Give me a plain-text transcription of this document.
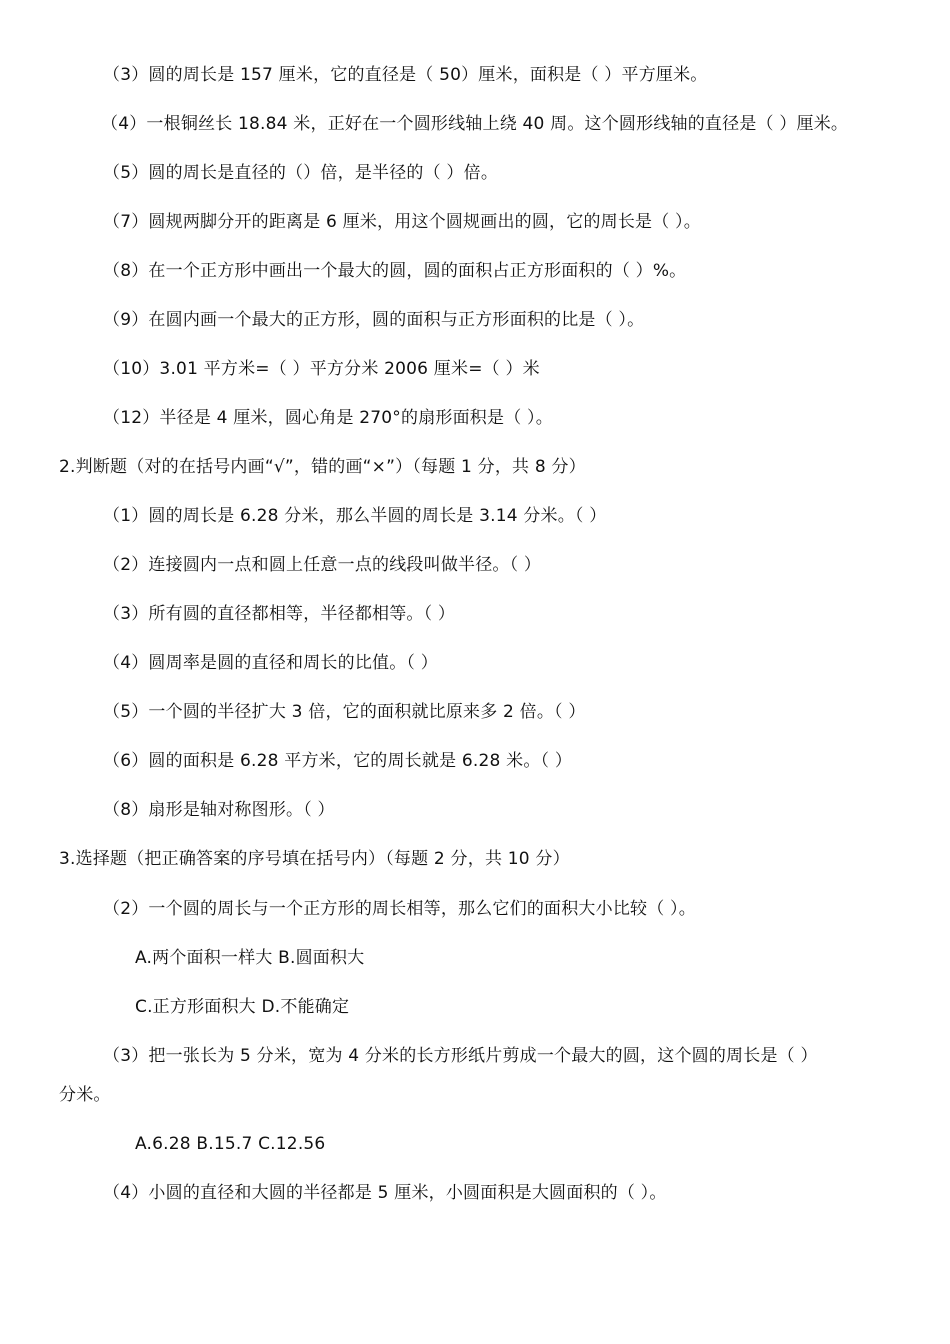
（3）圆的周长是 157 厘米，它的直径是（ 50）厘米，面积是（ ）平方厘米。
（4）一根铜丝长 18.84 米，正好在一个圆形线轴上绕 40 周。这个圆形线轴的直径是（ ）厘米。
（5）圆的周长是直径的（）倍，是半径的（ ）倍。
（7）圆规两脚分开的距离是 6 厘米，用这个圆规画出的圆，它的周长是（ ）。
（8）在一个正方形中画出一个最大的圆，圆的面积占正方形面积的（ ）%。
（9）在圆内画一个最大的正方形，圆的面积与正方形面积的比是（ ）。
（10）3.01 平方米=（ ）平方分米 2006 厘米=（ ）米
（12）半径是 4 厘米，圆心角是 270°的扇形面积是（ ）。
2.判断题（对的在括号内画“√”，错的画“×”）（每题 1 分，共 8 分）
（1）圆的周长是 6.28 分米，那么半圆的周长是 3.14 分米。（ ）
（2）连接圆内一点和圆上任意一点的线段叫做半径。（ ）
（3）所有圆的直径都相等，半径都相等。（ ）
（4）圆周率是圆的直径和周长的比值。（ ）
（5）一个圆的半径扩大 3 倍，它的面积就比原来多 2 倍。（ ）
（6）圆的面积是 6.28 平方米，它的周长就是 6.28 米。（ ）
（8）扇形是轴对称图形。（ ）
3.选择题（把正确答案的序号填在括号内）（每题 2 分，共 10 分）
（2）一个圆的周长与一个正方形的周长相等，那么它们的面积大小比较（ ）。
A.两个面积一样大 B.圆面积大
C.正方形面积大 D.不能确定
（3）把一张长为 5 分米，宽为 4 分米的长方形纸片剪成一个最大的圆，这个圆的周长是（ ）
分米。
A.6.28 B.15.7 C.12.56
（4）小圆的直径和大圆的半径都是 5 厘米，小圆面积是大圆面积的（ ）。
